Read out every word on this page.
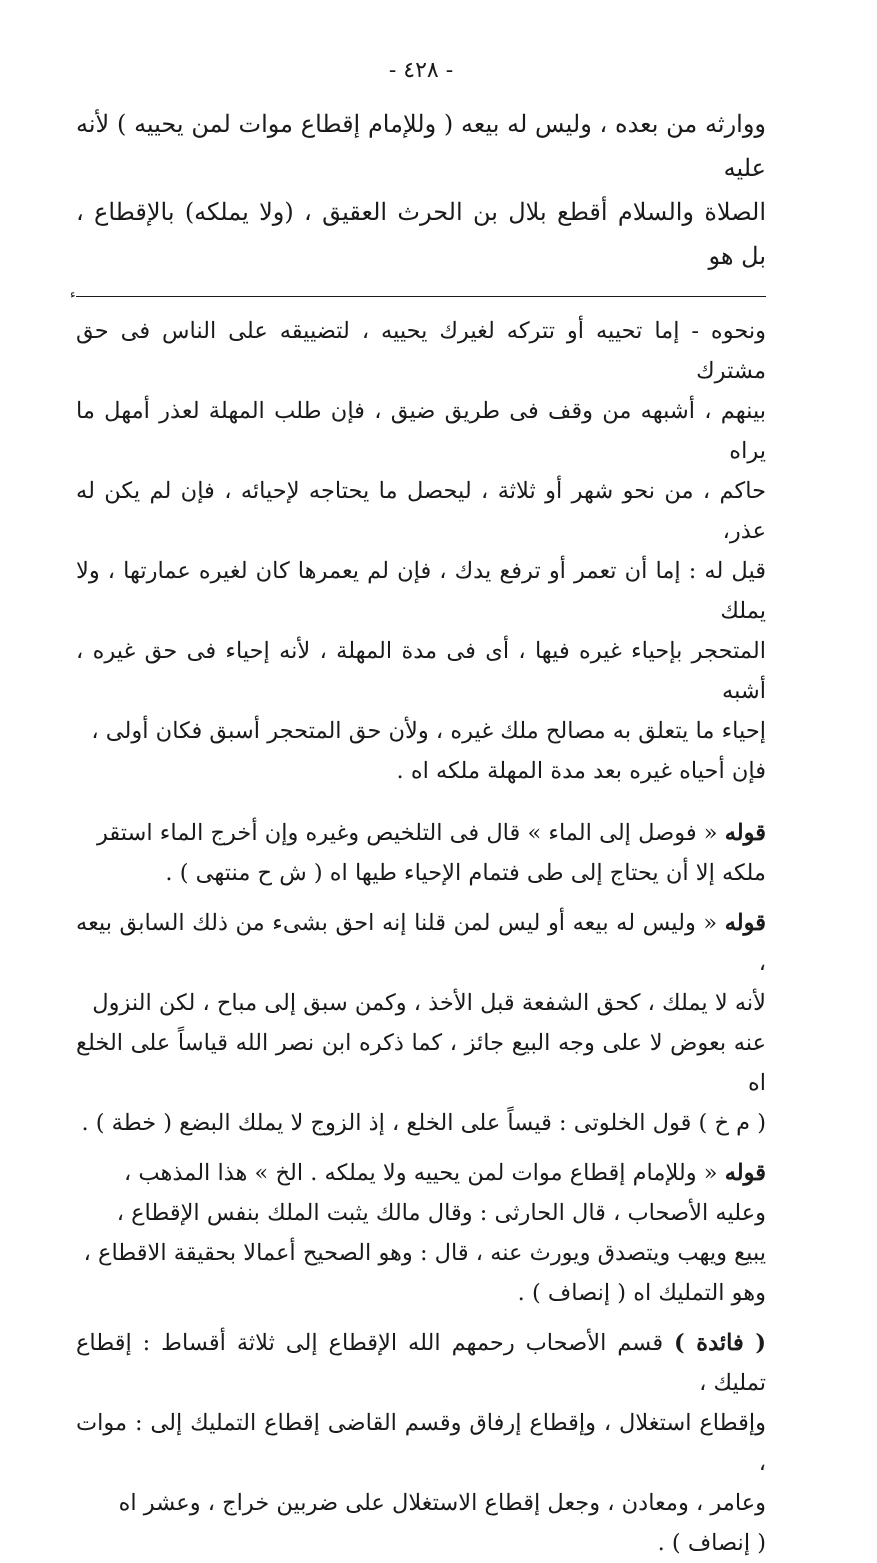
- ٤٢٨ -

ووارثه من بعده ، وليس له بيعه ( وللإمام إقطاع موات لمن يحييه ) لأنه عليه

الصلاة والسلام أقطع بلال بن الحرث العقيق ، (ولا يملكه) بالإقطاع ، بل هو

ء

ونحوه - إما تحييه أو تتركه لغيرك يحييه ، لتضييقه على الناس فى حق مشترك

بينهم ، أشبهه من وقف فى طريق ضيق ، فإن طلب المهلة لعذر أمهل ما يراه

حاكم ، من نحو شهر أو ثلاثة ، ليحصل ما يحتاجه لإحيائه ، فإن لم يكن له عذر،

قيل له : إما أن تعمر أو ترفع يدك ، فإن لم يعمرها كان لغيره عمارتها ، ولا يملك

المتحجر بإحياء غيره فيها ، أى فى مدة المهلة ، لأنه إحياء فى حق غيره ، أشبه

إحياء ما يتعلق به مصالح ملك غيره ، ولأن حق المتحجر أسبق فكان أولى ،

فإن أحياه غيره بعد مدة المهلة ملكه اه .

قوله « فوصل إلى الماء » قال فى التلخيص وغيره وإن أخرج الماء استقر

ملكه إلا أن يحتاج إلى طى فتمام الإحياء طيها اه ( ش ح منتهى ) .

قوله « وليس له بيعه أو ليس لمن قلنا إنه احق بشىء من ذلك السابق بيعه ،

لأنه لا يملك ، كحق الشفعة قبل الأخذ ، وكمن سبق إلى مباح ، لكن النزول

عنه بعوض لا على وجه البيع جائز ، كما ذكره ابن نصر الله قياساً على الخلع اه

( م خ ) قول الخلوتى : قيساً على الخلع ، إذ الزوج لا يملك البضع ( خطة ) .

قوله « وللإمام إقطاع موات لمن يحييه ولا يملكه . الخ » هذا المذهب ،

وعليه الأصحاب ، قال الحارثى : وقال مالك يثبت الملك بنفس الإقطاع ،

يبيع ويهب ويتصدق ويورث عنه ، قال : وهو الصحيح أعمالا بحقيقة الاقطاع ،

وهو التمليك اه ( إنصاف ) .

( فائدة ) قسم الأصحاب رحمهم الله الإقطاع إلى ثلاثة أقساط : إقطاع تمليك ،

وإقطاع استغلال ، وإقطاع إرفاق وقسم القاضى إقطاع التمليك إلى : موات ،

وعامر ، ومعادن ، وجعل إقطاع الاستغلال على ضربين خراج ، وعشر اه

( إنصاف ) .
